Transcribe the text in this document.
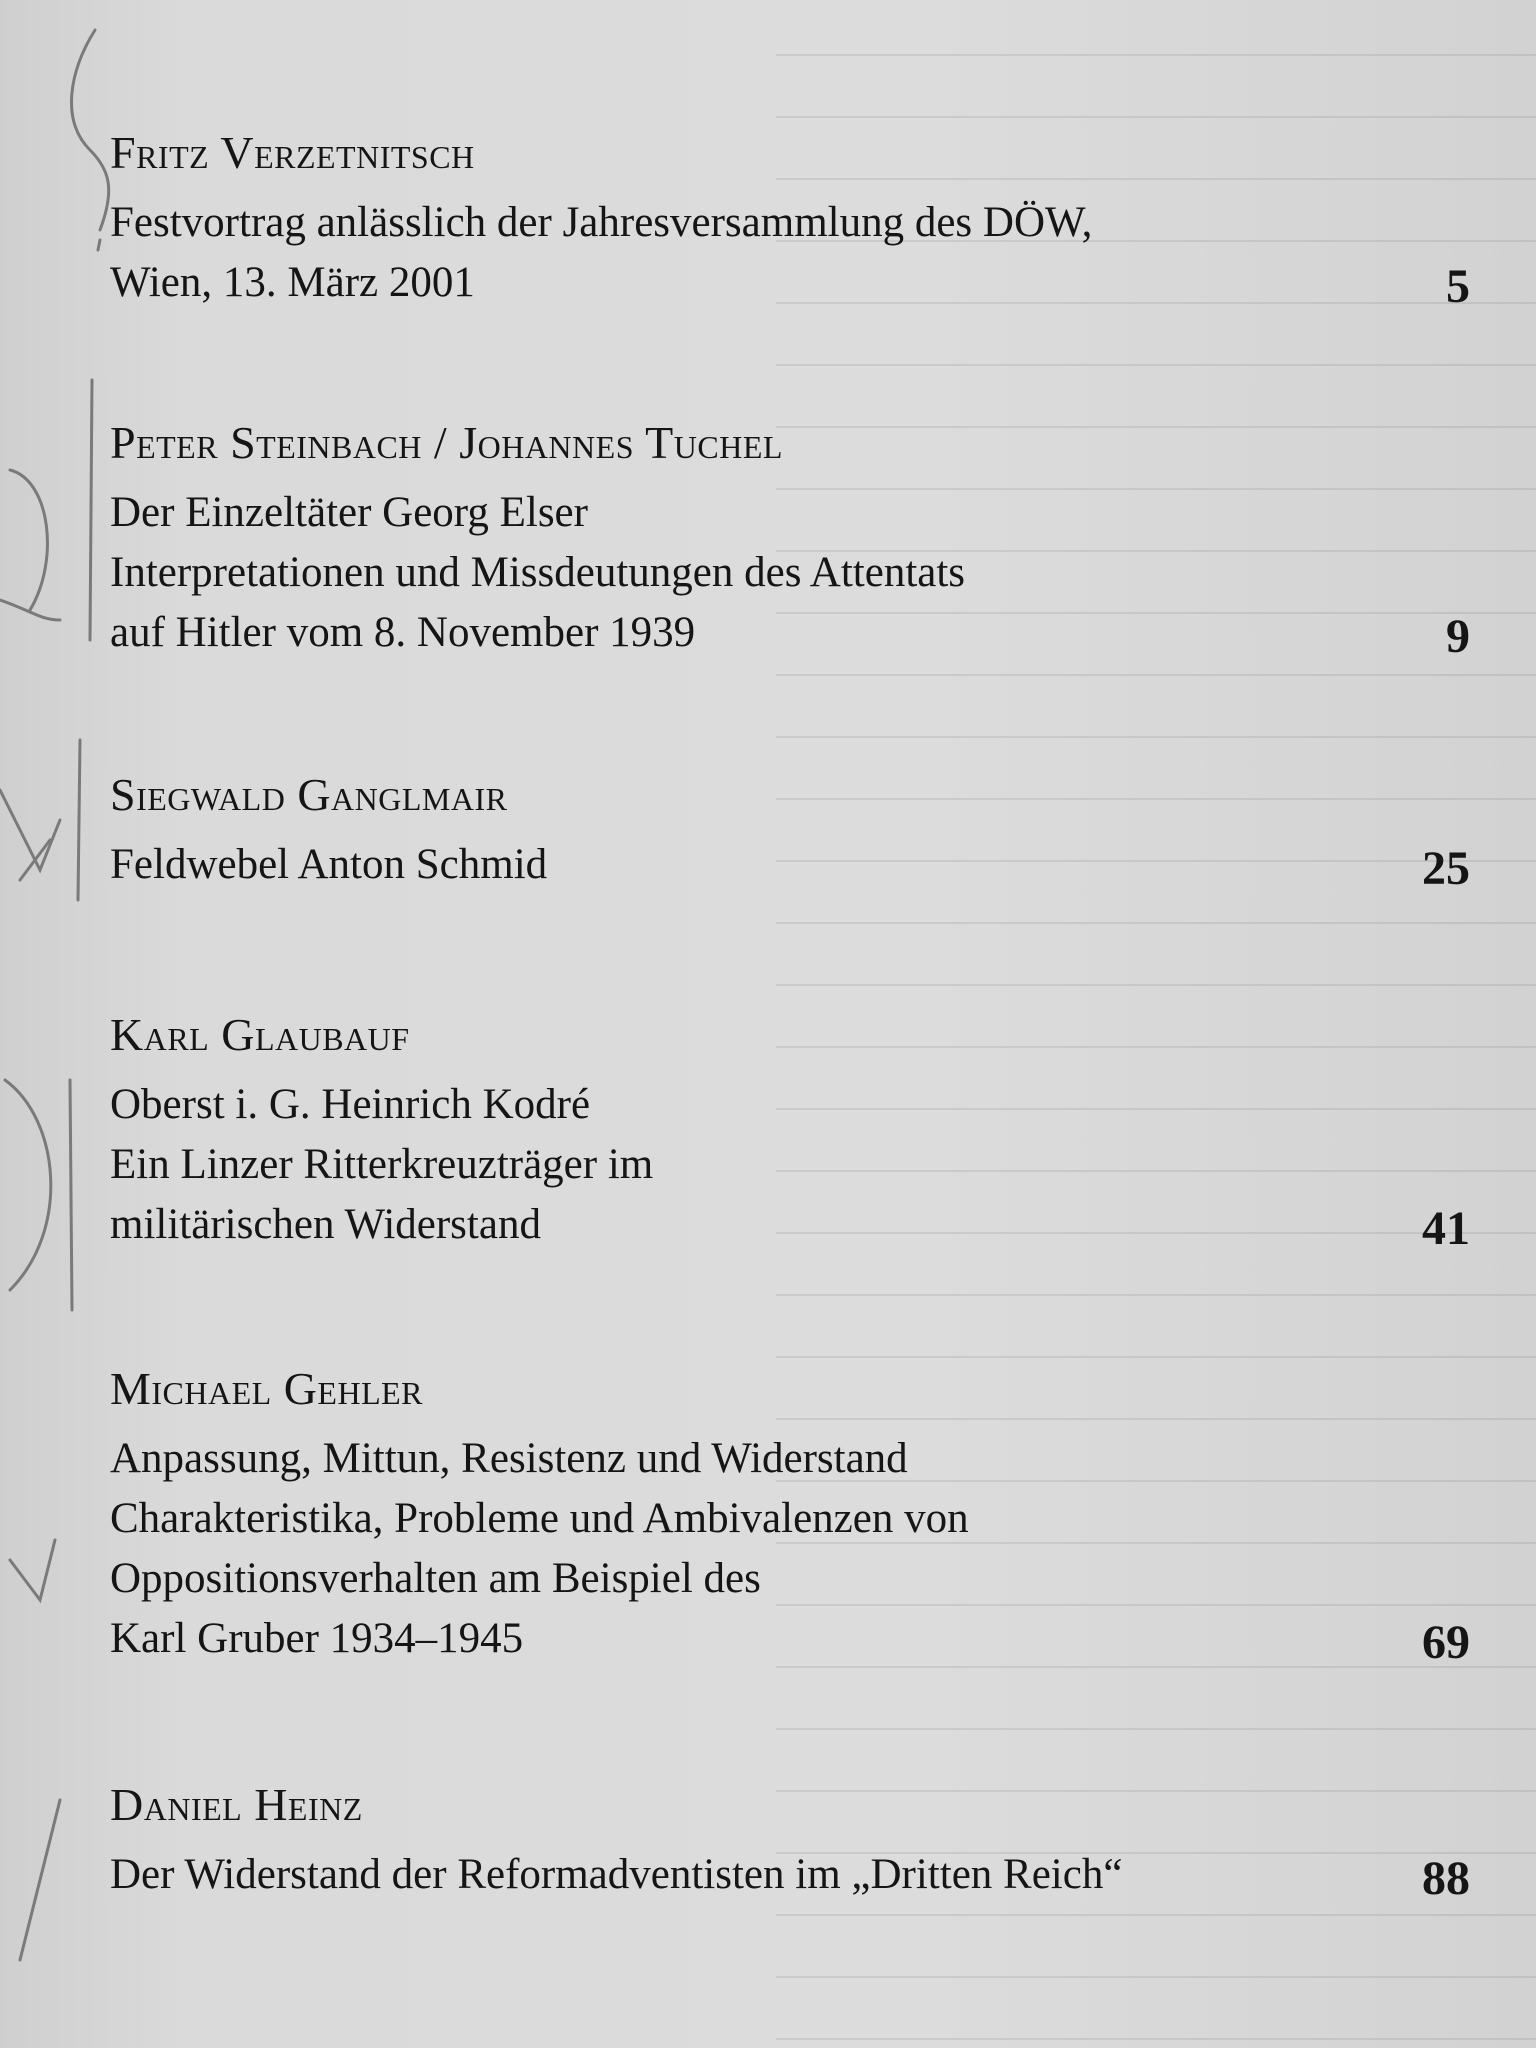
Fritz Verzetnitsch
Festvortrag anlässlich der Jahresversammlung des DÖW,
Wien, 13. März 2001	5
Peter Steinbach / Johannes Tuchel
Der Einzeltäter Georg Elser
Interpretationen und Missdeutungen des Attentats
auf Hitler vom 8. November 1939	9
Siegwald Ganglmair
Feldwebel Anton Schmid	25
Karl Glaubauf
Oberst i. G. Heinrich Kodré
Ein Linzer Ritterkreuzträger im
militärischen Widerstand	41
Michael Gehler
Anpassung, Mittun, Resistenz und Widerstand
Charakteristika, Probleme und Ambivalenzen von
Oppositionsverhalten am Beispiel des
Karl Gruber 1934–1945	69
Daniel Heinz
Der Widerstand der Reformadventisten im „Dritten Reich“	88
